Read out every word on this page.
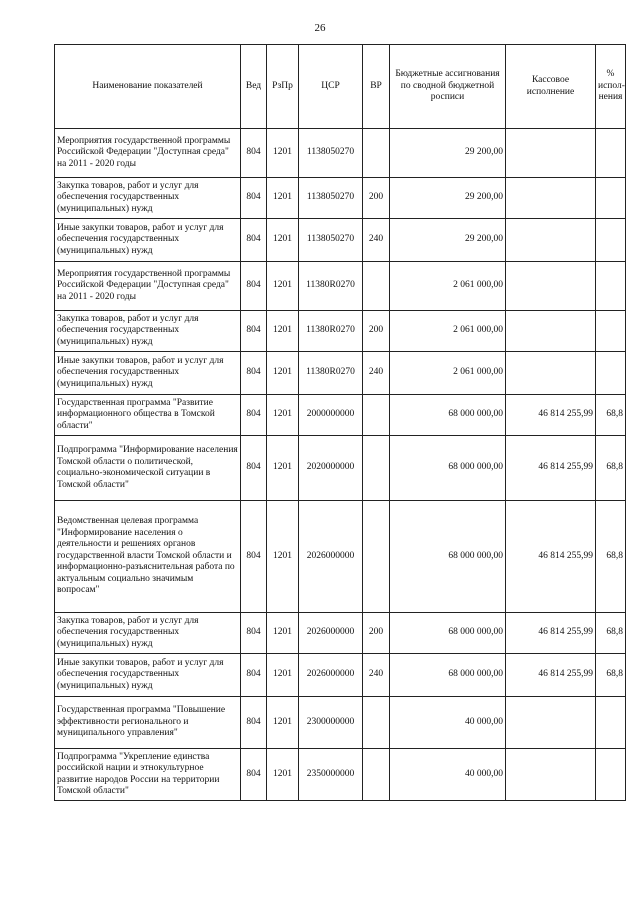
26
Наименование показателей	Вед	РзПр	ЦСР	ВР	Бюджетные ассигнования по сводной бюджетной росписи	Кассовое исполнение	% испол- нения
Мероприятия государственной программы Российской Федерации "Доступная среда" на 2011 - 2020 годы	804	1201	1138050270		29 200,00		
Закупка товаров, работ и услуг для обеспечения государственных (муниципальных) нужд	804	1201	1138050270	200	29 200,00		
Иные закупки товаров, работ и услуг для обеспечения государственных (муниципальных) нужд	804	1201	1138050270	240	29 200,00		
Мероприятия государственной программы Российской Федерации "Доступная среда" на 2011 - 2020 годы	804	1201	11380R0270		2 061 000,00		
Закупка товаров, работ и услуг для обеспечения государственных (муниципальных) нужд	804	1201	11380R0270	200	2 061 000,00		
Иные закупки товаров, работ и услуг для обеспечения государственных (муниципальных) нужд	804	1201	11380R0270	240	2 061 000,00		
Государственная программа "Развитие информационного общества в Томской области"	804	1201	2000000000		68 000 000,00	46 814 255,99	68,8
Подпрограмма "Информирование населения Томской области о политической, социально-экономической ситуации в Томской области"	804	1201	2020000000		68 000 000,00	46 814 255,99	68,8
Ведомственная целевая программа "Информирование населения о деятельности и решениях органов государственной власти Томской области и информационно-разъяснительная работа по актуальным социально значимым вопросам"	804	1201	2026000000		68 000 000,00	46 814 255,99	68,8
Закупка товаров, работ и услуг для обеспечения государственных (муниципальных) нужд	804	1201	2026000000	200	68 000 000,00	46 814 255,99	68,8
Иные закупки товаров, работ и услуг для обеспечения государственных (муниципальных) нужд	804	1201	2026000000	240	68 000 000,00	46 814 255,99	68,8
Государственная программа "Повышение эффективности регионального и муниципального управления"	804	1201	2300000000		40 000,00		
Подпрограмма "Укрепление единства российской нации и этнокультурное развитие народов России на территории Томской области"	804	1201	2350000000		40 000,00		
